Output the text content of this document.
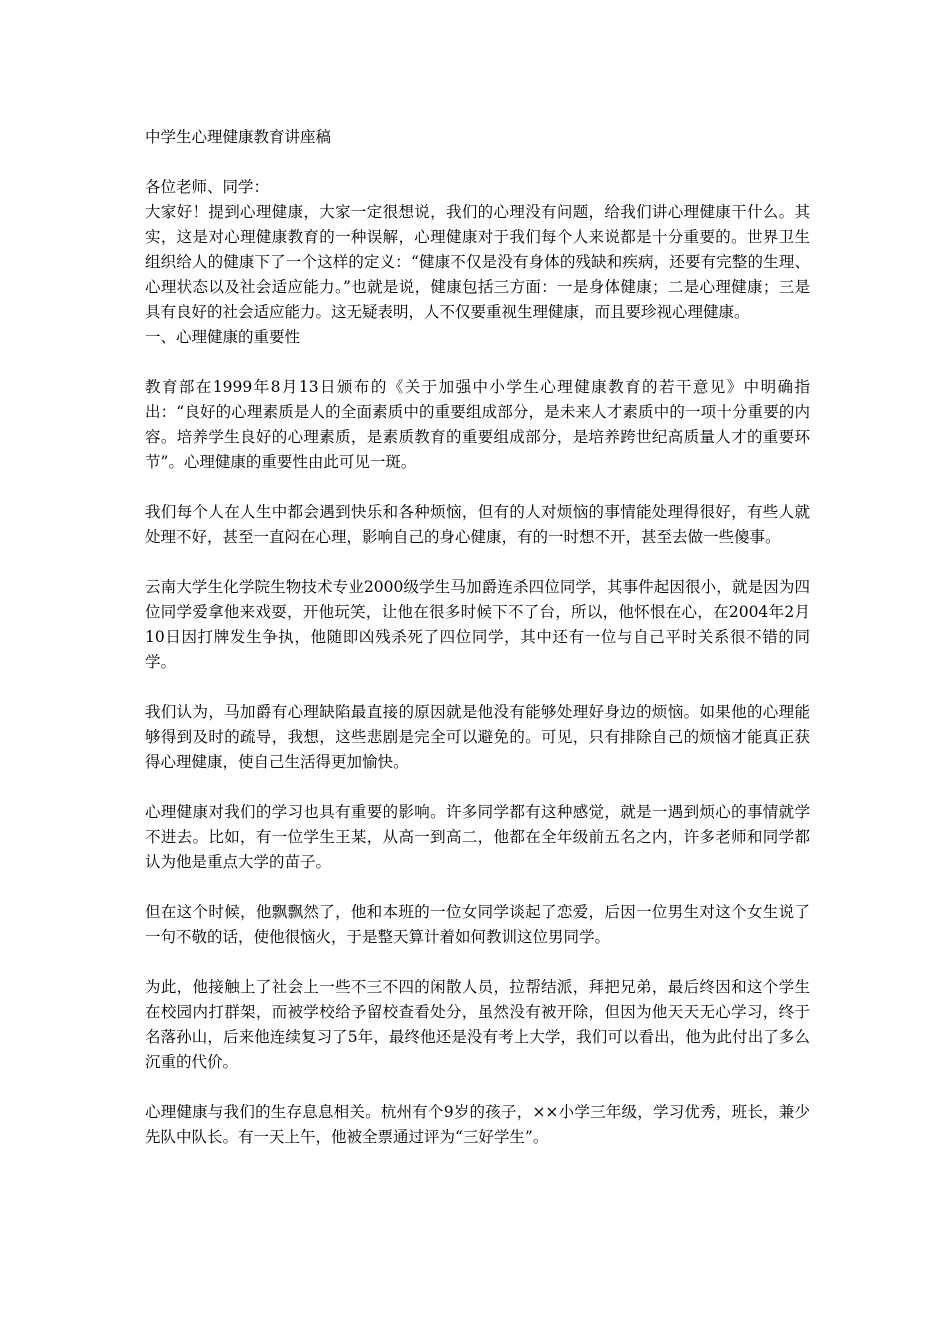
中学生心理健康教育讲座稿

各位老师、同学：

大家好！提到心理健康，大家一定很想说，我们的心理没有问题，给我们讲心理健康干什么。其实，这是对心理健康教育的一种误解，心理健康对于我们每个人来说都是十分重要的。世界卫生组织给人的健康下了一个这样的定义：“健康不仅是没有身体的残缺和疾病，还要有完整的生理、心理状态以及社会适应能力。”也就是说，健康包括三方面：一是身体健康；二是心理健康；三是具有良好的社会适应能力。这无疑表明，人不仅要重视生理健康，而且要珍视心理健康。

一、心理健康的重要性

教育部在1999年8月13日颁布的《关于加强中小学生心理健康教育的若干意见》中明确指出：“良好的心理素质是人的全面素质中的重要组成部分，是未来人才素质中的一项十分重要的内容。培养学生良好的心理素质，是素质教育的重要组成部分，是培养跨世纪高质量人才的重要环节”。心理健康的重要性由此可见一斑。

我们每个人在人生中都会遇到快乐和各种烦恼，但有的人对烦恼的事情能处理得很好，有些人就处理不好，甚至一直闷在心理，影响自己的身心健康，有的一时想不开，甚至去做一些傻事。

云南大学生化学院生物技术专业2000级学生马加爵连杀四位同学，其事件起因很小，就是因为四位同学爱拿他来戏耍，开他玩笑，让他在很多时候下不了台，所以，他怀恨在心，在2004年2月10日因打牌发生争执，他随即凶残杀死了四位同学，其中还有一位与自己平时关系很不错的同学。

我们认为，马加爵有心理缺陷最直接的原因就是他没有能够处理好身边的烦恼。如果他的心理能够得到及时的疏导，我想，这些悲剧是完全可以避免的。可见，只有排除自己的烦恼才能真正获得心理健康，使自己生活得更加愉快。

心理健康对我们的学习也具有重要的影响。许多同学都有这种感觉，就是一遇到烦心的事情就学不进去。比如，有一位学生王某，从高一到高二，他都在全年级前五名之内，许多老师和同学都认为他是重点大学的苗子。

但在这个时候，他飘飘然了，他和本班的一位女同学谈起了恋爱，后因一位男生对这个女生说了一句不敬的话，使他很恼火，于是整天算计着如何教训这位男同学。

为此，他接触上了社会上一些不三不四的闲散人员，拉帮结派，拜把兄弟，最后终因和这个学生在校园内打群架，而被学校给予留校查看处分，虽然没有被开除，但因为他天天无心学习，终于名落孙山，后来他连续复习了5年，最终他还是没有考上大学，我们可以看出，他为此付出了多么沉重的代价。

心理健康与我们的生存息息相关。杭州有个9岁的孩子，××小学三年级，学习优秀，班长，兼少先队中队长。有一天上午，他被全票通过评为“三好学生”。
